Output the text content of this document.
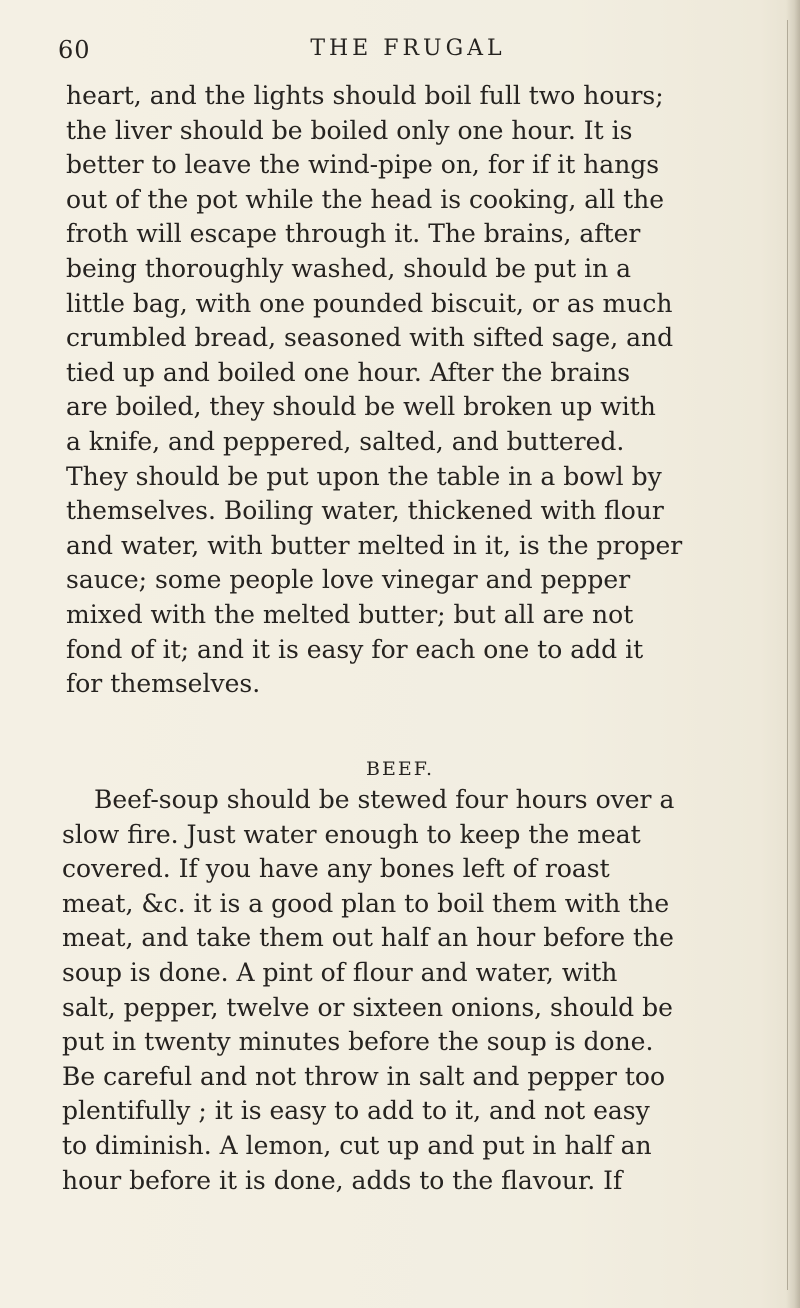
60	THE FRUGAL
heart, and the lights should boil full two hours;
the liver should be boiled only one hour. It is
better to leave the wind-pipe on, for if it hangs
out of the pot while the head is cooking, all the
froth will escape through it. The brains, after
being thoroughly washed, should be put in a
little bag, with one pounded biscuit, or as much
crumbled bread, seasoned with sifted sage, and
tied up and boiled one hour. After the brains
are boiled, they should be well broken up with
a knife, and peppered, salted, and buttered.
They should be put upon the table in a bowl by
themselves. Boiling water, thickened with flour
and water, with butter melted in it, is the proper
sauce; some people love vinegar and pepper
mixed with the melted butter; but all are not
fond of it; and it is easy for each one to add it
for themselves.
BEEF.
Beef-soup should be stewed four hours over a
slow fire. Just water enough to keep the meat
covered. If you have any bones left of roast
meat, &c. it is a good plan to boil them with the
meat, and take them out half an hour before the
soup is done. A pint of flour and water, with
salt, pepper, twelve or sixteen onions, should be
put in twenty minutes before the soup is done.
Be careful and not throw in salt and pepper too
plentifully ; it is easy to add to it, and not easy
to diminish. A lemon, cut up and put in half an
hour before it is done, adds to the flavour. If
